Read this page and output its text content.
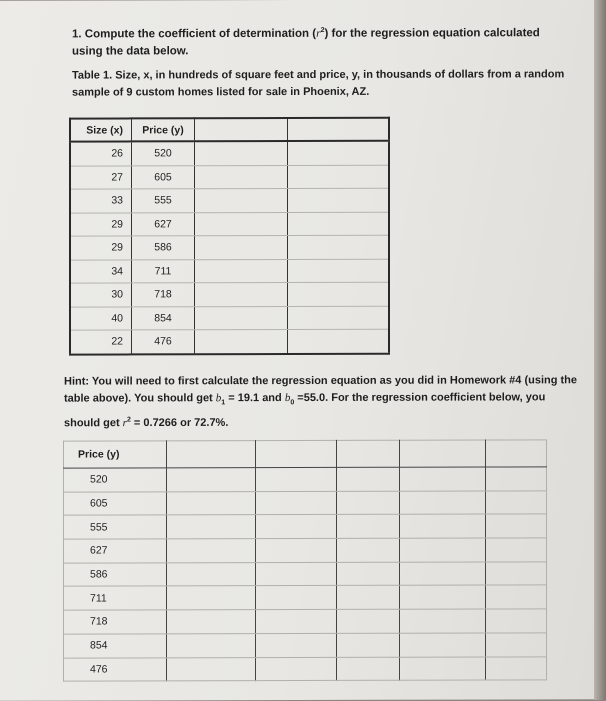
1. Compute the coefficient of determination $(r^2)$ for the regression equation calculated using the data below.
Table 1. Size, x, in hundreds of square feet and price, y, in thousands of dollars from a random sample of 9 custom homes listed for sale in Phoenix, AZ.
Size (x)	Price (y)		
26	520		
27	605		
33	555		
29	627		
29	586		
34	711		
30	718		
40	854		
22	476		
Hint: You will need to first calculate the regression equation as you did in Homework #4 (using the table above). You should get $b_1 = 19.1$ and $b_0 =55.0$. For the regression coefficient below, you should get $r^2 = 0.7266$ or 72.7%.
Price (y)					
520					
605					
555					
627					
586					
711					
718					
854					
476					
